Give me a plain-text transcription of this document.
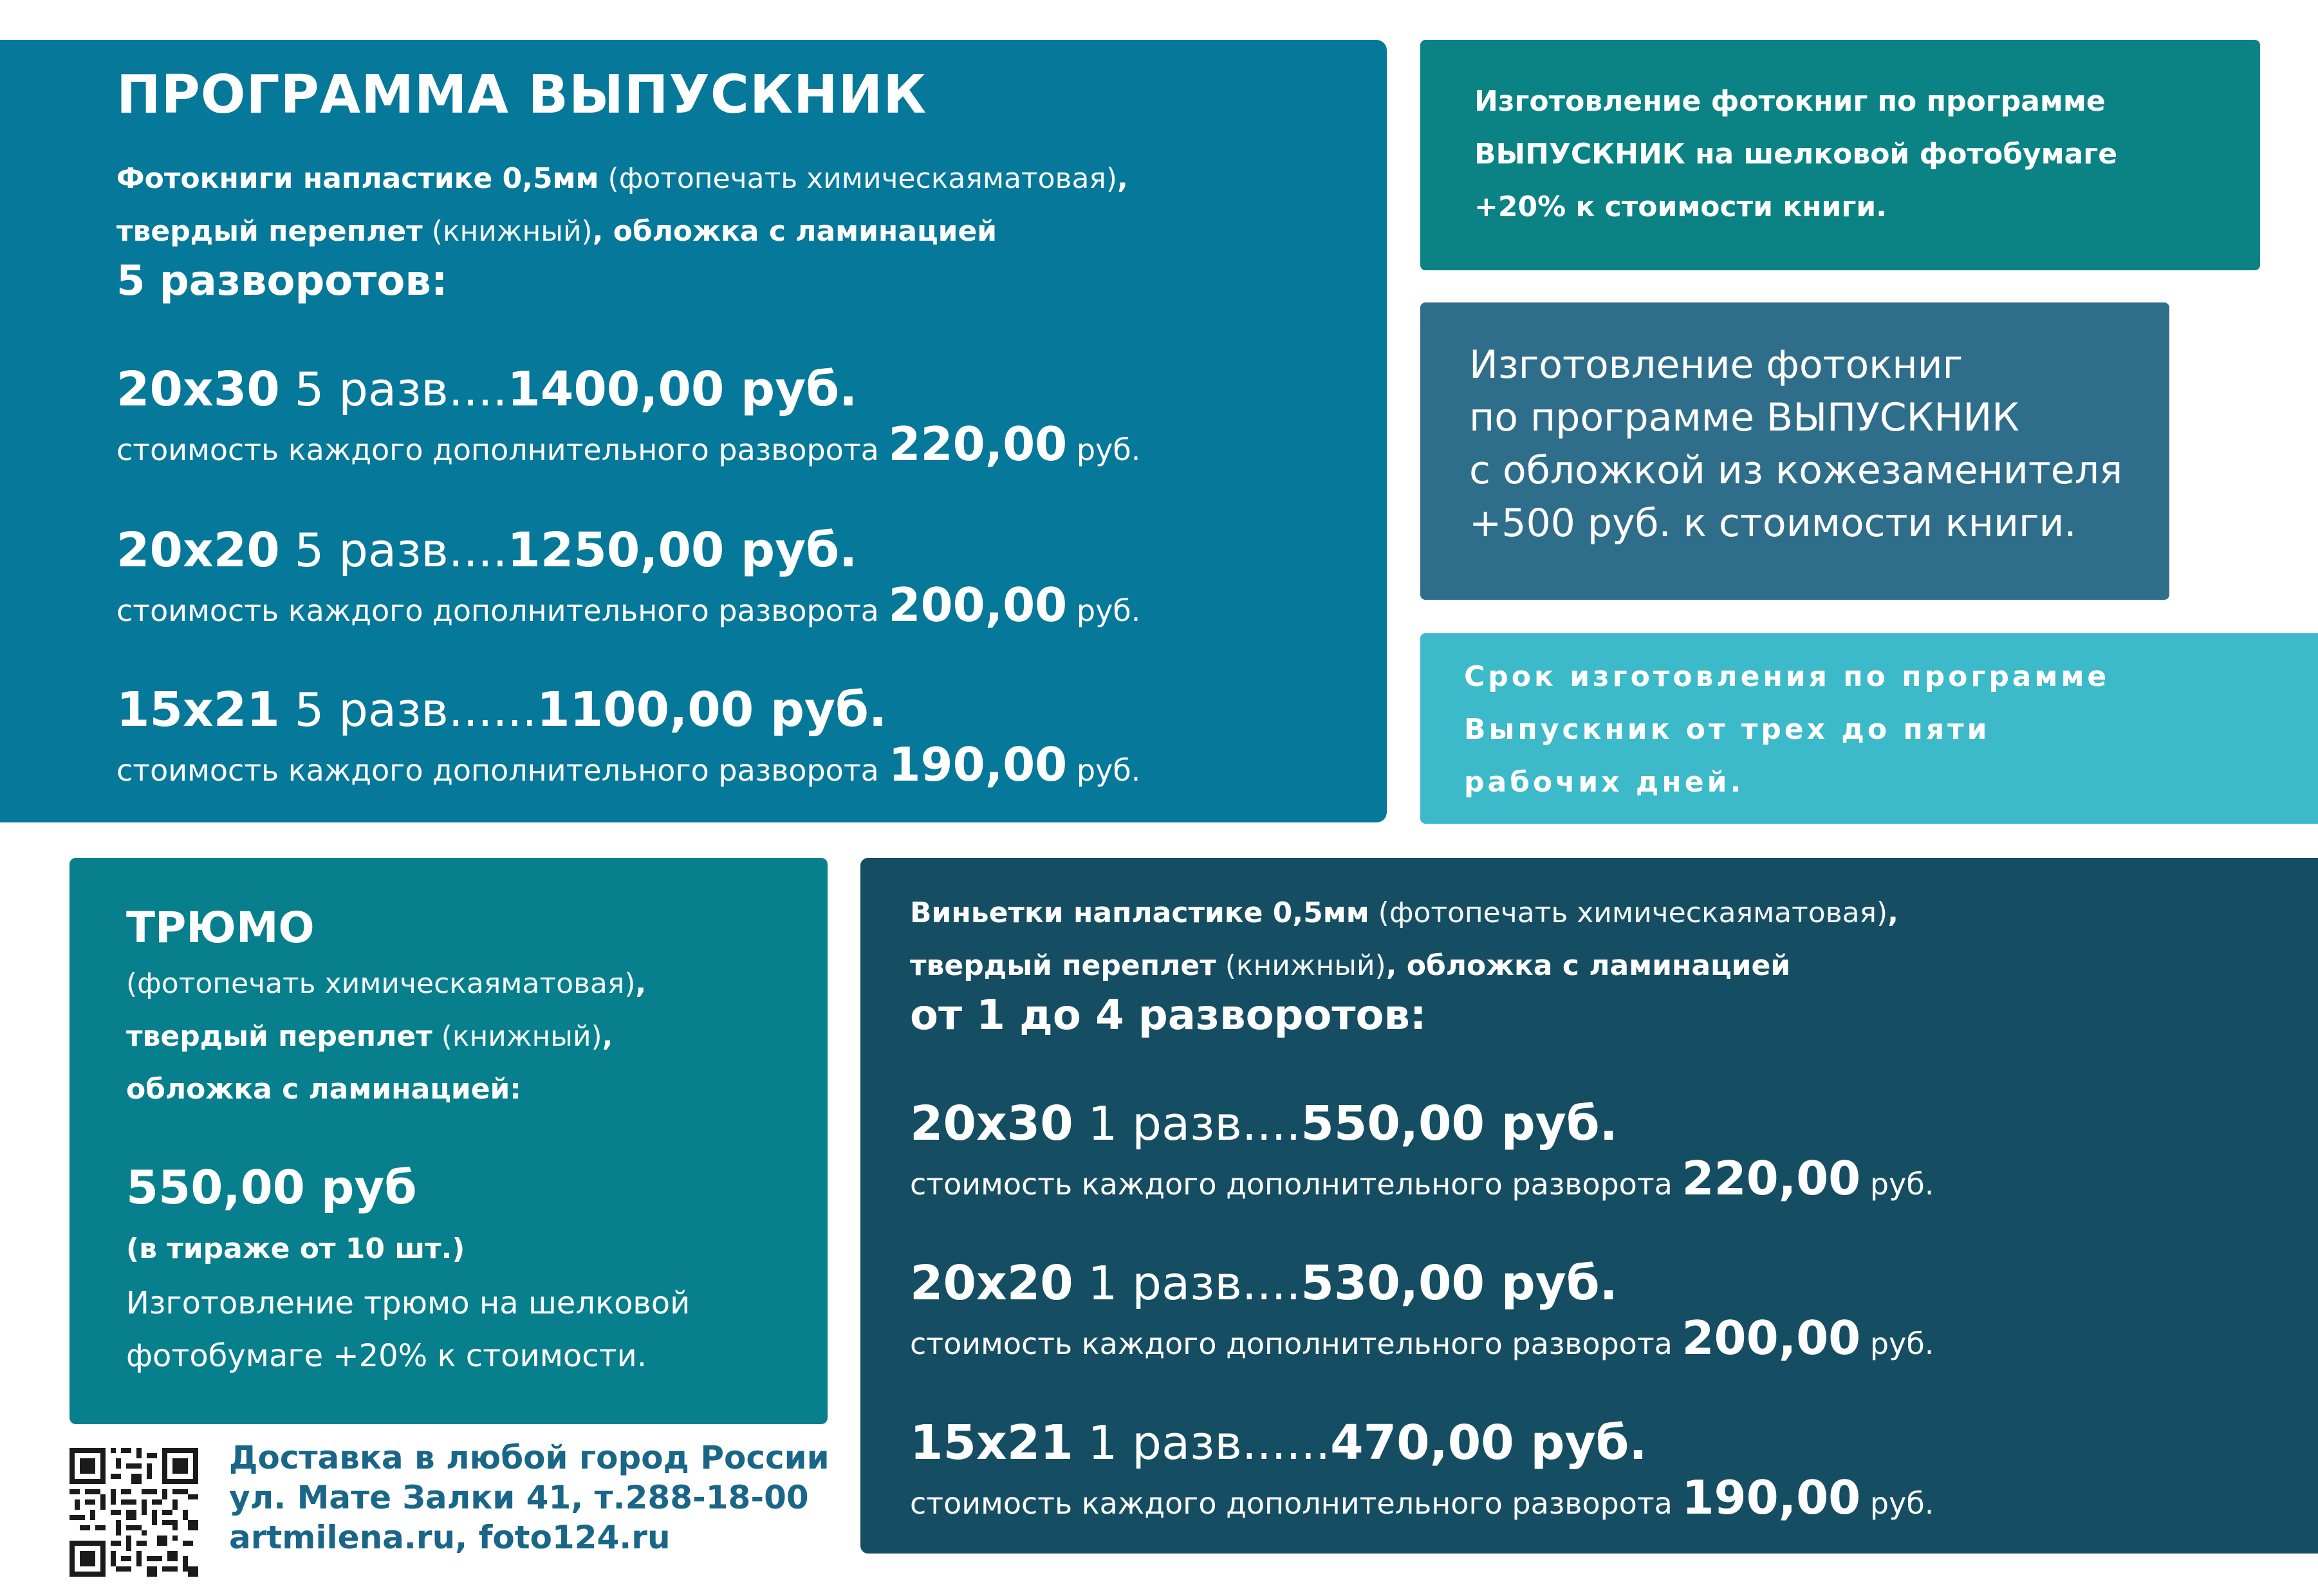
ПРОГРАММА ВЫПУСКНИК
Фотокниги напластике 0,5мм (фотопечать химическаяматовая),
твердый переплет (книжный), обложка с ламинацией
5 разворотов:
20х30 5 разв....1400,00 руб.
стоимость каждого дополнительного разворота 220,00 руб.
20х20 5 разв....1250,00 руб.
стоимость каждого дополнительного разворота 200,00 руб.
15х21 5 разв......1100,00 руб.
стоимость каждого дополнительного разворота 190,00 руб.
Изготовление фотокниг по программе
ВЫПУСКНИК на шелковой фотобумаге
+20% к стоимости книги.
Изготовление фотокниг
по программе ВЫПУСКНИК
с обложкой из кожезаменителя
+500 руб. к стоимости книги.
Срок изготовления по программе
Выпускник от трех до пяти
рабочих дней.
ТРЮМО
(фотопечать химическаяматовая),
твердый переплет (книжный),
обложка с ламинацией:
550,00 руб
(в тираже от 10 шт.)
Изготовление трюмо на шелковой
фотобумаге +20% к стоимости.
Виньетки напластике 0,5мм (фотопечать химическаяматовая),
твердый переплет (книжный), обложка с ламинацией
от 1 до 4 разворотов:
20х30 1 разв....550,00 руб.
стоимость каждого дополнительного разворота 220,00 руб.
20х20 1 разв....530,00 руб.
стоимость каждого дополнительного разворота 200,00 руб.
15х21 1 разв......470,00 руб.
стоимость каждого дополнительного разворота 190,00 руб.
Доставка в любой город России
ул. Мате Залки 41, т.288-18-00
artmilena.ru, foto124.ru
